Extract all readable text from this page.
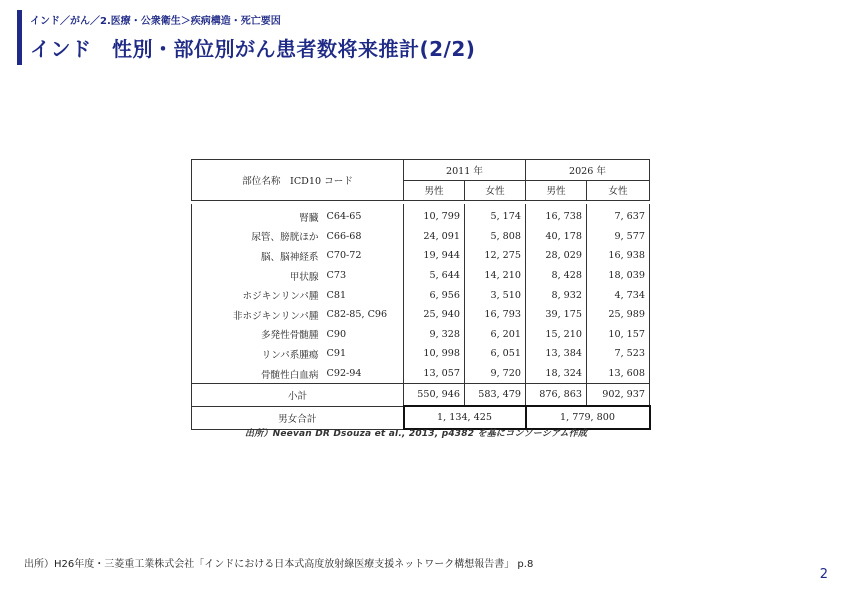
インド／がん／2.医療・公衆衛生＞疾病構造・死亡要因
インド　性別・部位別がん患者数将来推計(2/2)
部位名称　ICD10 コード		2011 年		2026 年	
		男性	女性	男性	女性

腎臓	C64-65	10, 799	5, 174	16, 738	7, 637
尿管、膀胱ほか	C66-68	24, 091	5, 808	40, 178	9, 577
脳、脳神経系	C70-72	19, 944	12, 275	28, 029	16, 938
甲状腺	C73	5, 644	14, 210	8, 428	18, 039
ホジキンリンパ腫	C81	6, 956	3, 510	8, 932	4, 734
非ホジキンリンパ腫	C82-85, C96	25, 940	16, 793	39, 175	25, 989
多発性骨髄腫	C90	9, 328	6, 201	15, 210	10, 157
リンパ系腫瘍	C91	10, 998	6, 051	13, 384	7, 523
骨髄性白血病	C92-94	13, 057	9, 720	18, 324	13, 608
小計		550, 946	583, 479	876, 863	902, 937
男女合計		1, 134, 425		1, 779, 800	
出所）Neevan DR Dsouza et al., 2013, p4382 を基にコンソーシアム作成
出所）H26年度・三菱重工業株式会社「インドにおける日本式高度放射線医療支援ネットワーク構想報告書」 p.8
2
